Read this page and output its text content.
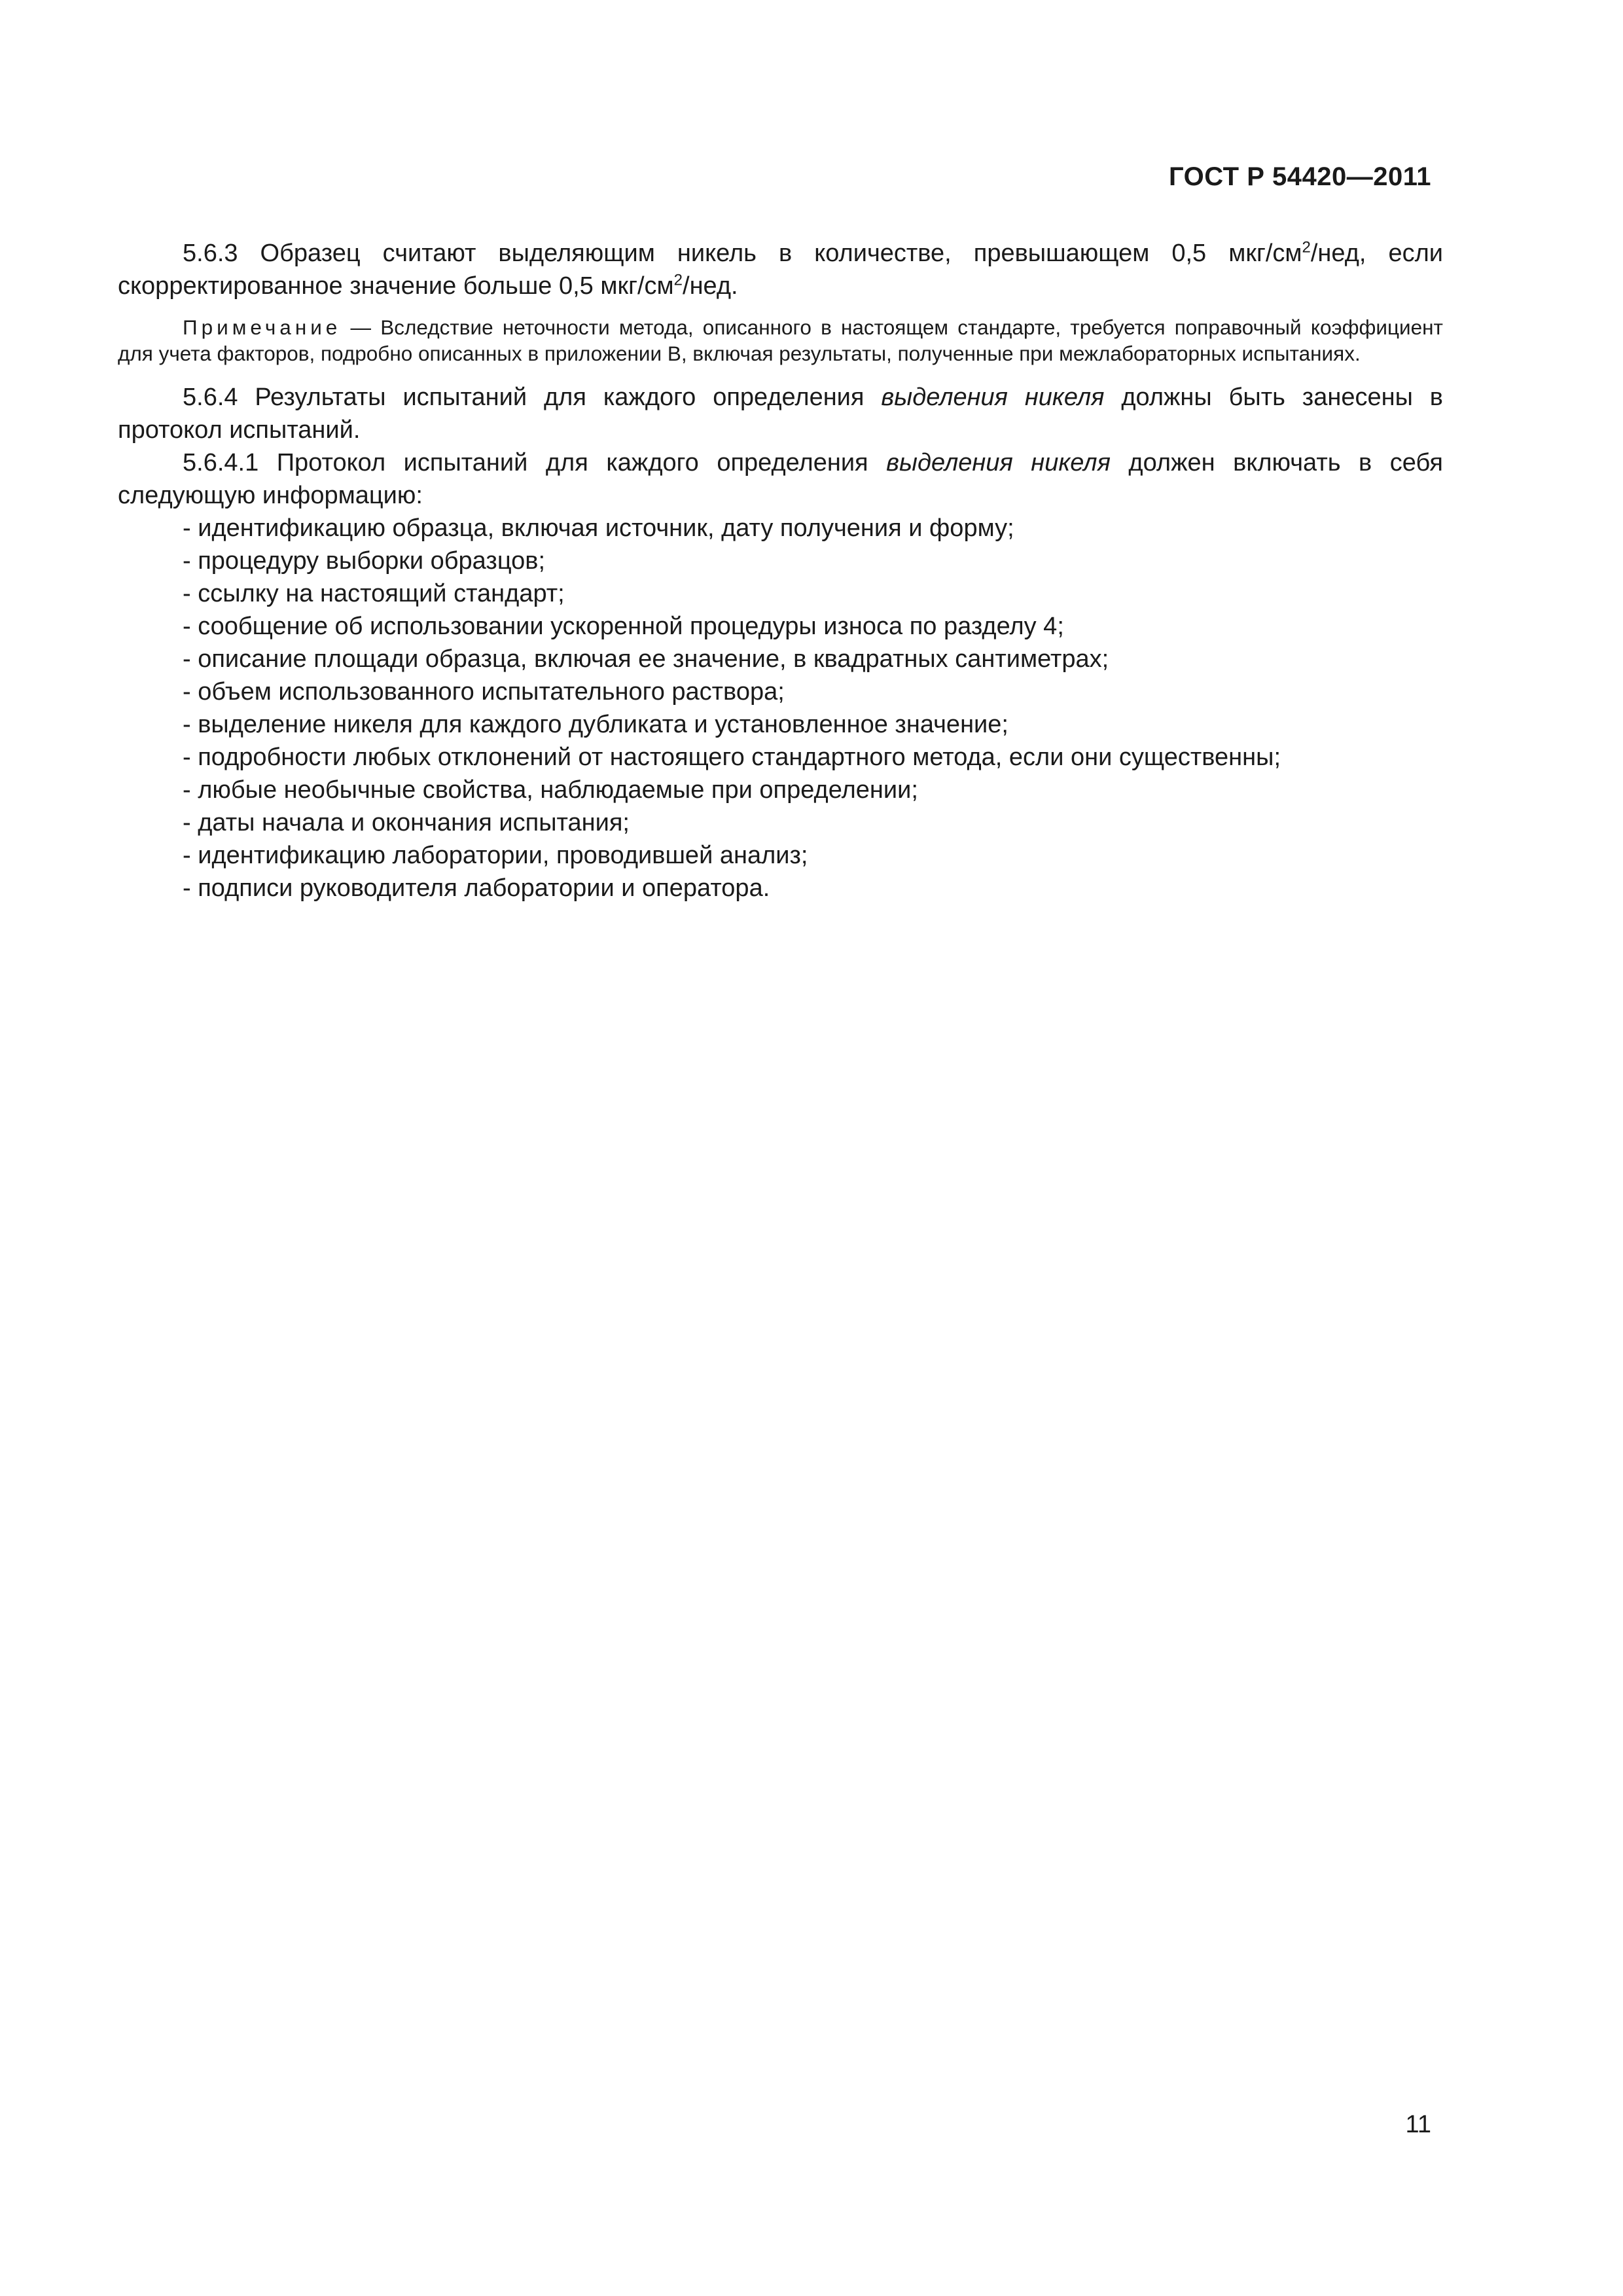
ГОСТ Р 54420—2011

5.6.3 Образец считают выделяющим никель в количестве, превышающем 0,5 мкг/$см^2$/нед, если скорректированное значение больше 0,5 мкг/$см^2$/нед.

Примечание — Вследствие неточности метода, описанного в настоящем стандарте, требуется поправочный коэффициент для учета факторов, подробно описанных в приложении В, включая результаты, полученные при межлабораторных испытаниях.

5.6.4 Результаты испытаний для каждого определения выделения никеля должны быть занесены в протокол испытаний.

5.6.4.1 Протокол испытаний для каждого определения выделения никеля должен включать в себя следующую информацию:

- идентификацию образца, включая источник, дату получения и форму;
- процедуру выборки образцов;
- ссылку на настоящий стандарт;
- сообщение об использовании ускоренной процедуры износа по разделу 4;
- описание площади образца, включая ее значение, в квадратных сантиметрах;
- объем использованного испытательного раствора;
- выделение никеля для каждого дубликата и установленное значение;
- подробности любых отклонений от настоящего стандартного метода, если они существенны;
- любые необычные свойства, наблюдаемые при определении;
- даты начала и окончания испытания;
- идентификацию лаборатории, проводившей анализ;
- подписи руководителя лаборатории и оператора.
11
